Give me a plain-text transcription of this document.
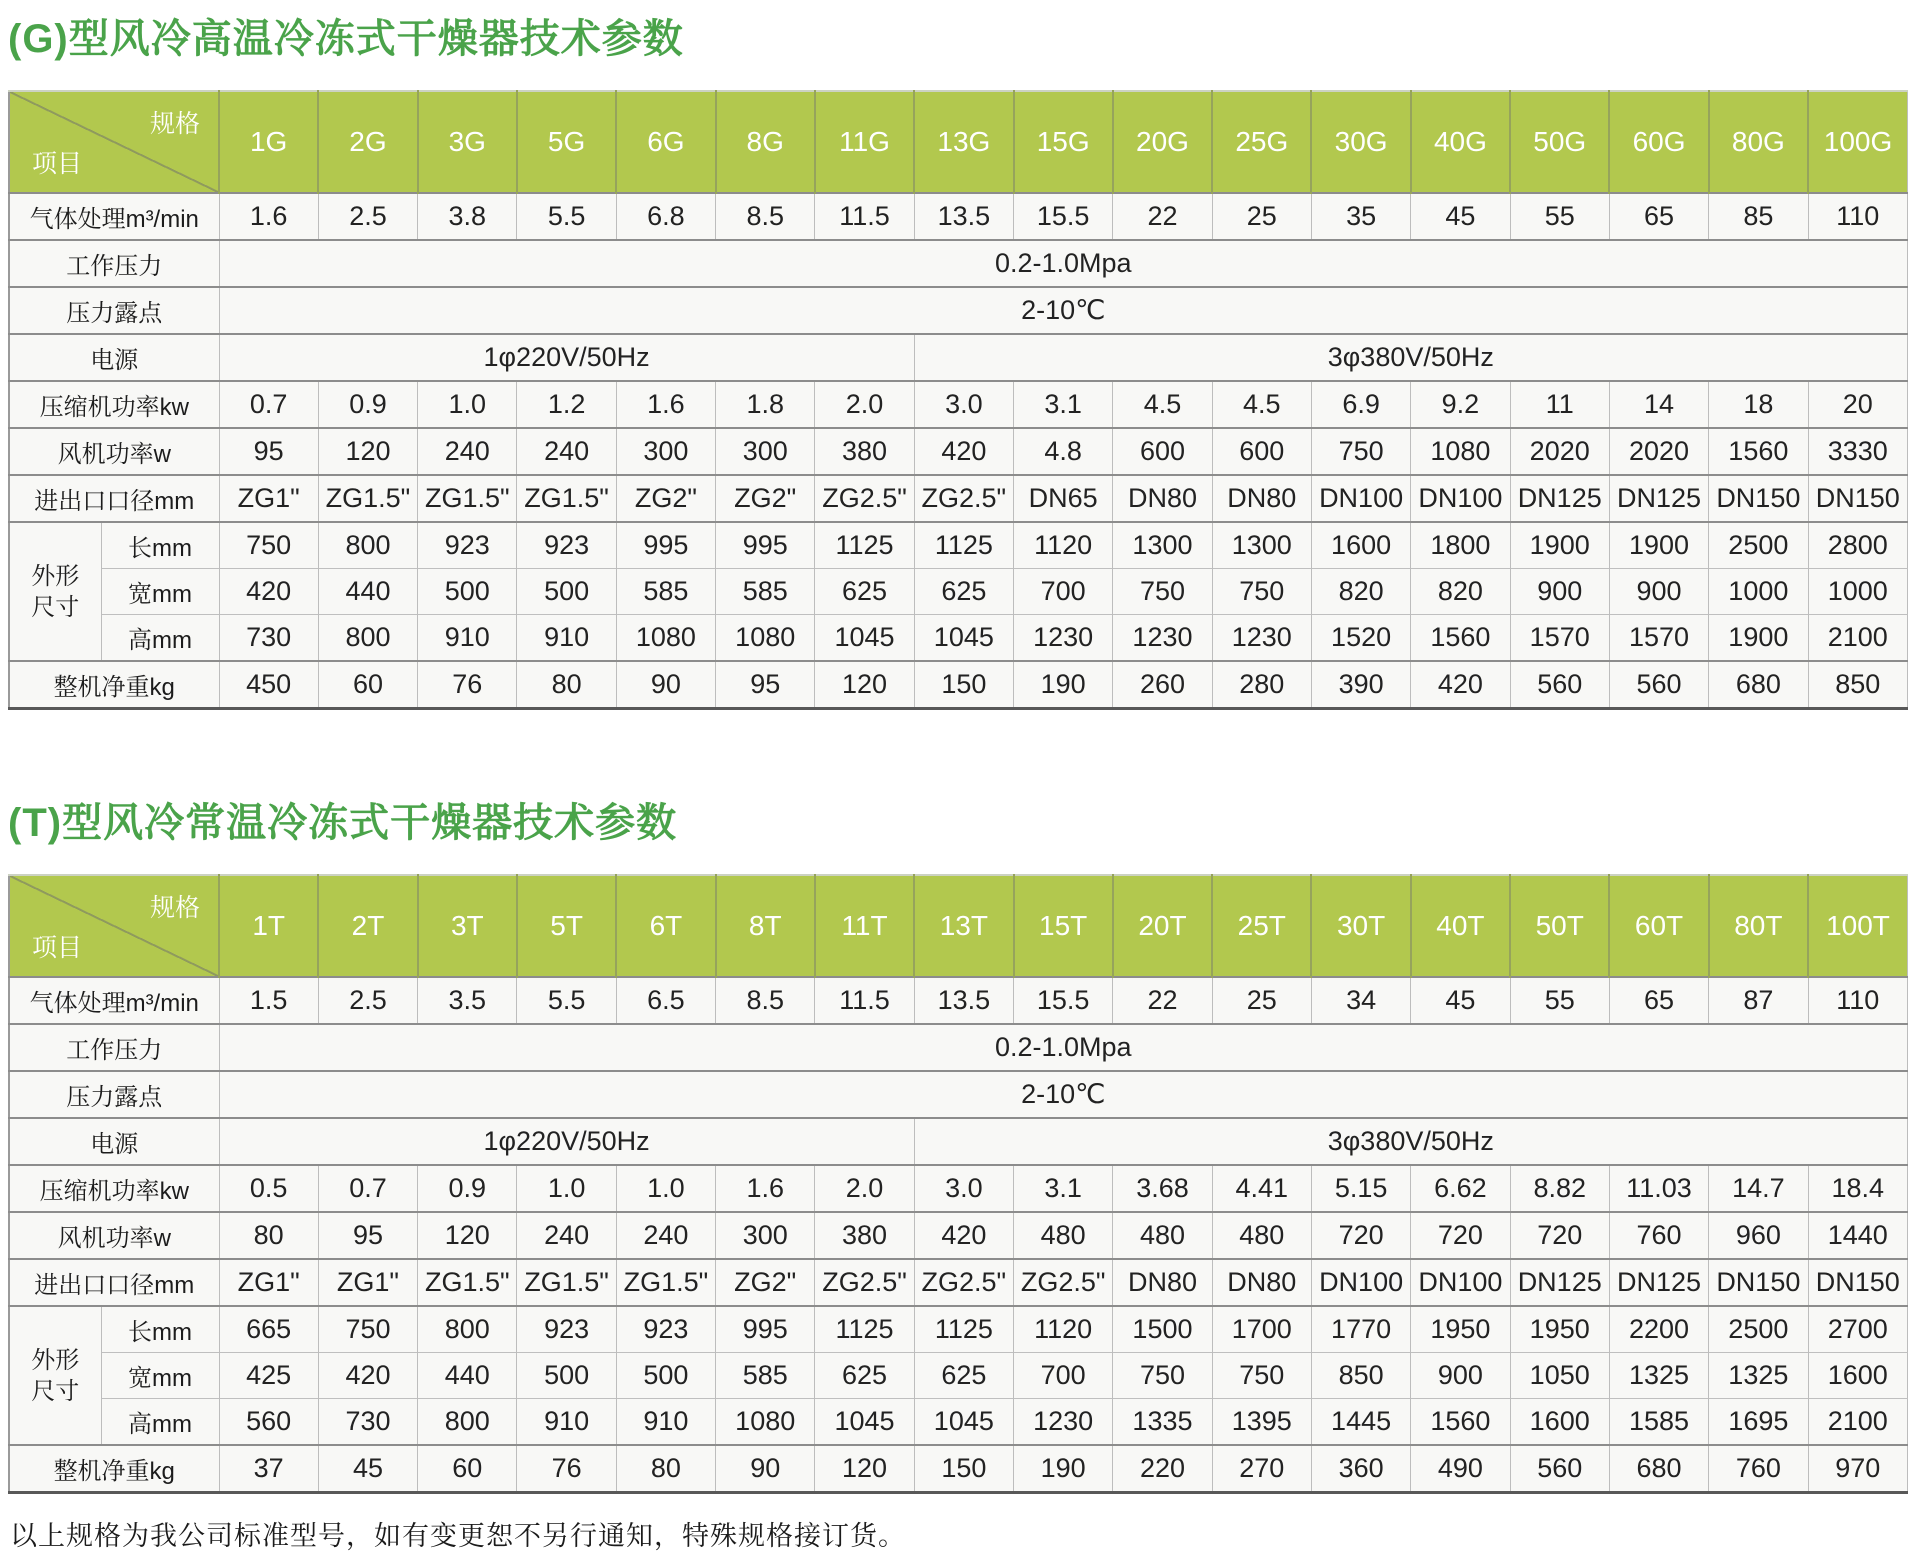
(G)型风冷高温冷冻式干燥器技术参数
规格
项目		1G	2G	3G	5G	6G	8G	11G	13G	15G	20G	25G	30G	40G	50G	60G	80G	100G
气体处理m³/min		1.6	2.5	3.8	5.5	6.8	8.5	11.5	13.5	15.5	22	25	35	45	55	65	85	110
工作压力		0.2-1.0Mpa																
压力露点		2-10℃																
电源		1φ220V/50Hz							3φ380V/50Hz									
压缩机功率kw		0.7	0.9	1.0	1.2	1.6	1.8	2.0	3.0	3.1	4.5	4.5	6.9	9.2	11	14	18	20
风机功率w		95	120	240	240	300	300	380	420	4.8	600	600	750	1080	2020	2020	1560	3330
进出口口径mm		ZG1"	ZG1.5"	ZG1.5"	ZG1.5"	ZG2"	ZG2"	ZG2.5"	ZG2.5"	DN65	DN80	DN80	DN100	DN100	DN125	DN125	DN150	DN150

外形
尺寸	长mm	750	800	923	923	995	995	1125	1125	1120	1300	1300	1600	1800	1900	1900	2500	2800
	宽mm	420	440	500	500	585	585	625	625	700	750	750	820	820	900	900	1000	1000
	高mm	730	800	910	910	1080	1080	1045	1045	1230	1230	1230	1520	1560	1570	1570	1900	2100
整机净重kg		450	60	76	80	90	95	120	150	190	260	280	390	420	560	560	680	850
(T)型风冷常温冷冻式干燥器技术参数
规格
项目		1T	2T	3T	5T	6T	8T	11T	13T	15T	20T	25T	30T	40T	50T	60T	80T	100T
气体处理m³/min		1.5	2.5	3.5	5.5	6.5	8.5	11.5	13.5	15.5	22	25	34	45	55	65	87	110
工作压力		0.2-1.0Mpa																
压力露点		2-10℃																
电源		1φ220V/50Hz							3φ380V/50Hz									
压缩机功率kw		0.5	0.7	0.9	1.0	1.0	1.6	2.0	3.0	3.1	3.68	4.41	5.15	6.62	8.82	11.03	14.7	18.4
风机功率w		80	95	120	240	240	300	380	420	480	480	480	720	720	720	760	960	1440
进出口口径mm		ZG1"	ZG1"	ZG1.5"	ZG1.5"	ZG1.5"	ZG2"	ZG2.5"	ZG2.5"	ZG2.5"	DN80	DN80	DN100	DN100	DN125	DN125	DN150	DN150

外形
尺寸	长mm	665	750	800	923	923	995	1125	1125	1120	1500	1700	1770	1950	1950	2200	2500	2700
	宽mm	425	420	440	500	500	585	625	625	700	750	750	850	900	1050	1325	1325	1600
	高mm	560	730	800	910	910	1080	1045	1045	1230	1335	1395	1445	1560	1600	1585	1695	2100
整机净重kg		37	45	60	76	80	90	120	150	190	220	270	360	490	560	680	760	970
以上规格为我公司标准型号，如有变更恕不另行通知，特殊规格接订货。
